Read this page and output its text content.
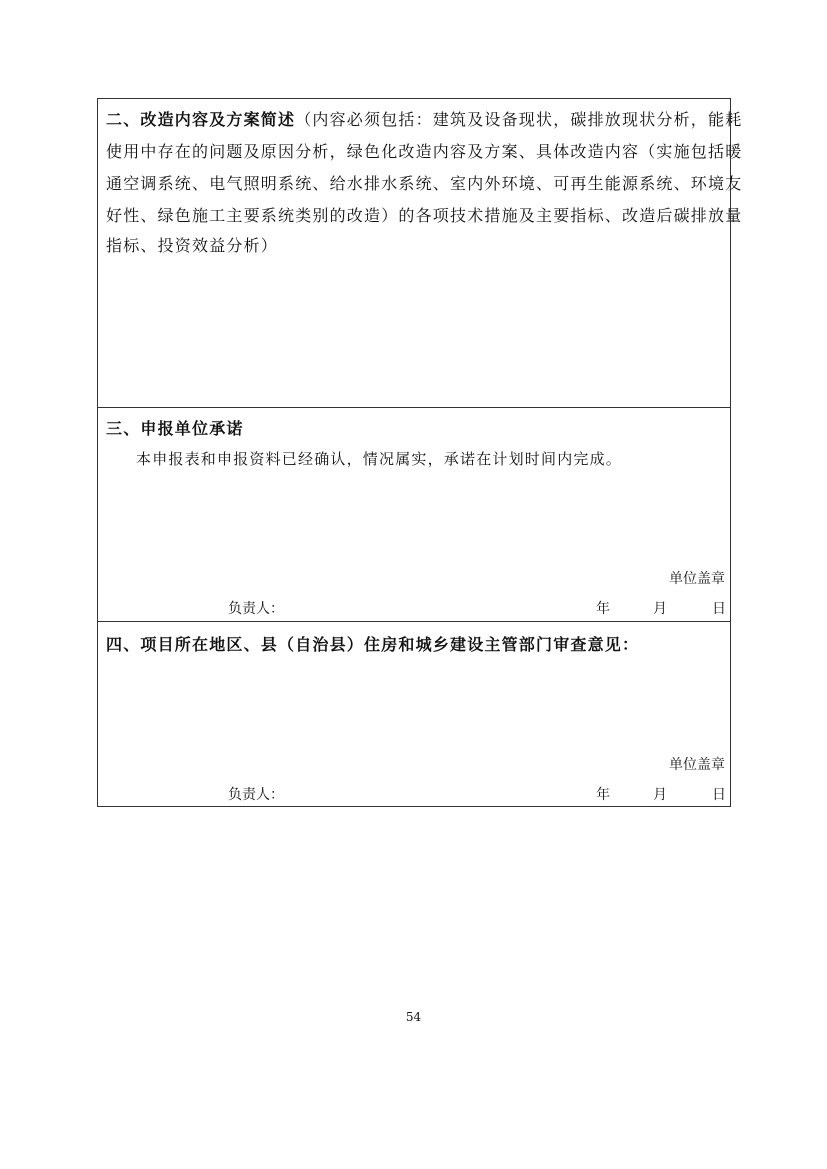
二、改造内容及方案简述（内容必须包括：建筑及设备现状，碳排放现状分析，能耗
使用中存在的问题及原因分析，绿色化改造内容及方案、具体改造内容（实施包括暖
通空调系统、电气照明系统、给水排水系统、室内外环境、可再生能源系统、环境友
好性、绿色施工主要系统类别的改造）的各项技术措施及主要指标、改造后碳排放量
指标、投资效益分析）
三、申报单位承诺
本申报表和申报资料已经确认，情况属实，承诺在计划时间内完成。
单位盖章
负责人：	年	月	日
四、项目所在地区、县（自治县）住房和城乡建设主管部门审查意见：
单位盖章
负责人：	年	月	日
54
